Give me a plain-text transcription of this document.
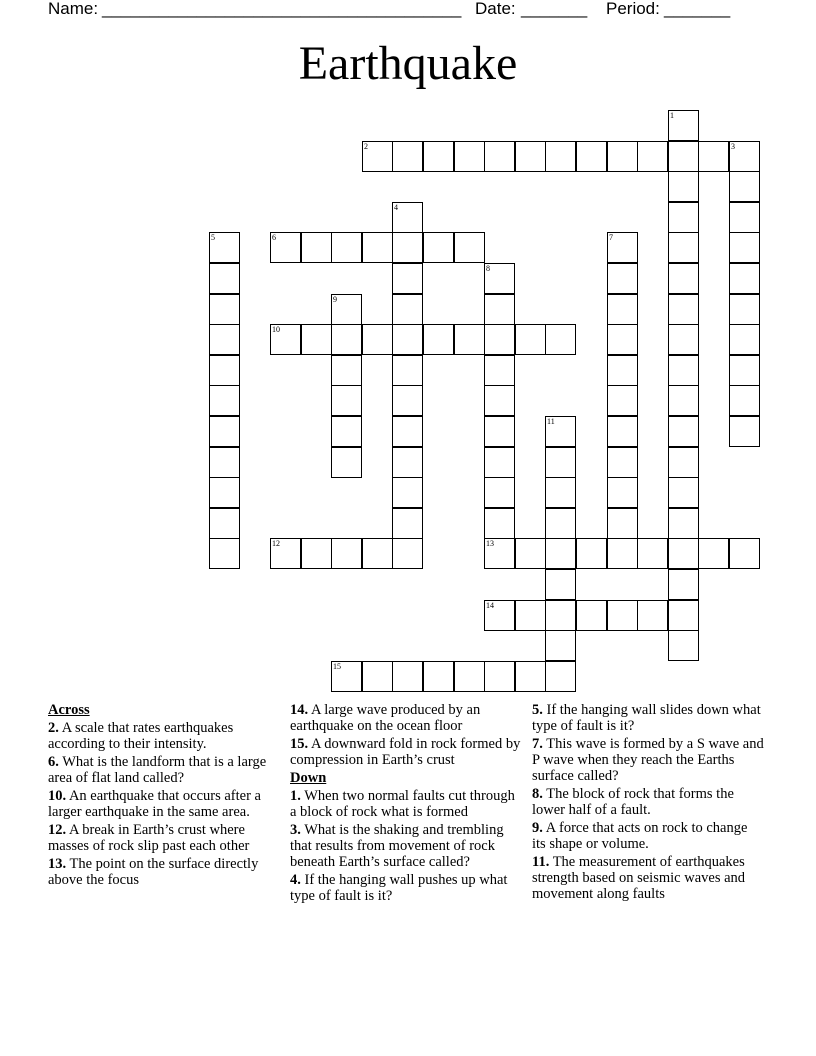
Name: ______________________________________ Date: _______ Period: _______
Earthquake
2	3
6
10
12	13
14
15
1
4
5	7
8
9
11

Across

2. A scale that rates earthquakes according to their intensity.

6. What is the landform that is a large area of flat land called?

10. An earthquake that occurs after a larger earthquake in the same area.

12. A break in Earth’s crust where masses of rock slip past each other

13. The point on the surface directly above the focus

14. A large wave produced by an earthquake on the ocean floor

15. A downward fold in rock formed by compression in Earth’s crust

Down

1. When two normal faults cut through a block of rock what is formed

3. What is the shaking and trembling that results from movement of rock beneath Earth’s surface called?

4. If the hanging wall pushes up what type of fault is it?

5. If the hanging wall slides down what type of fault is it?

7. This wave is formed by a S wave and P wave when they reach the Earths surface called?

8. The block of rock that forms the lower half of a fault.

9. A force that acts on rock to change its shape or volume.

11. The measurement of earthquakes strength based on seismic waves and movement along faults
